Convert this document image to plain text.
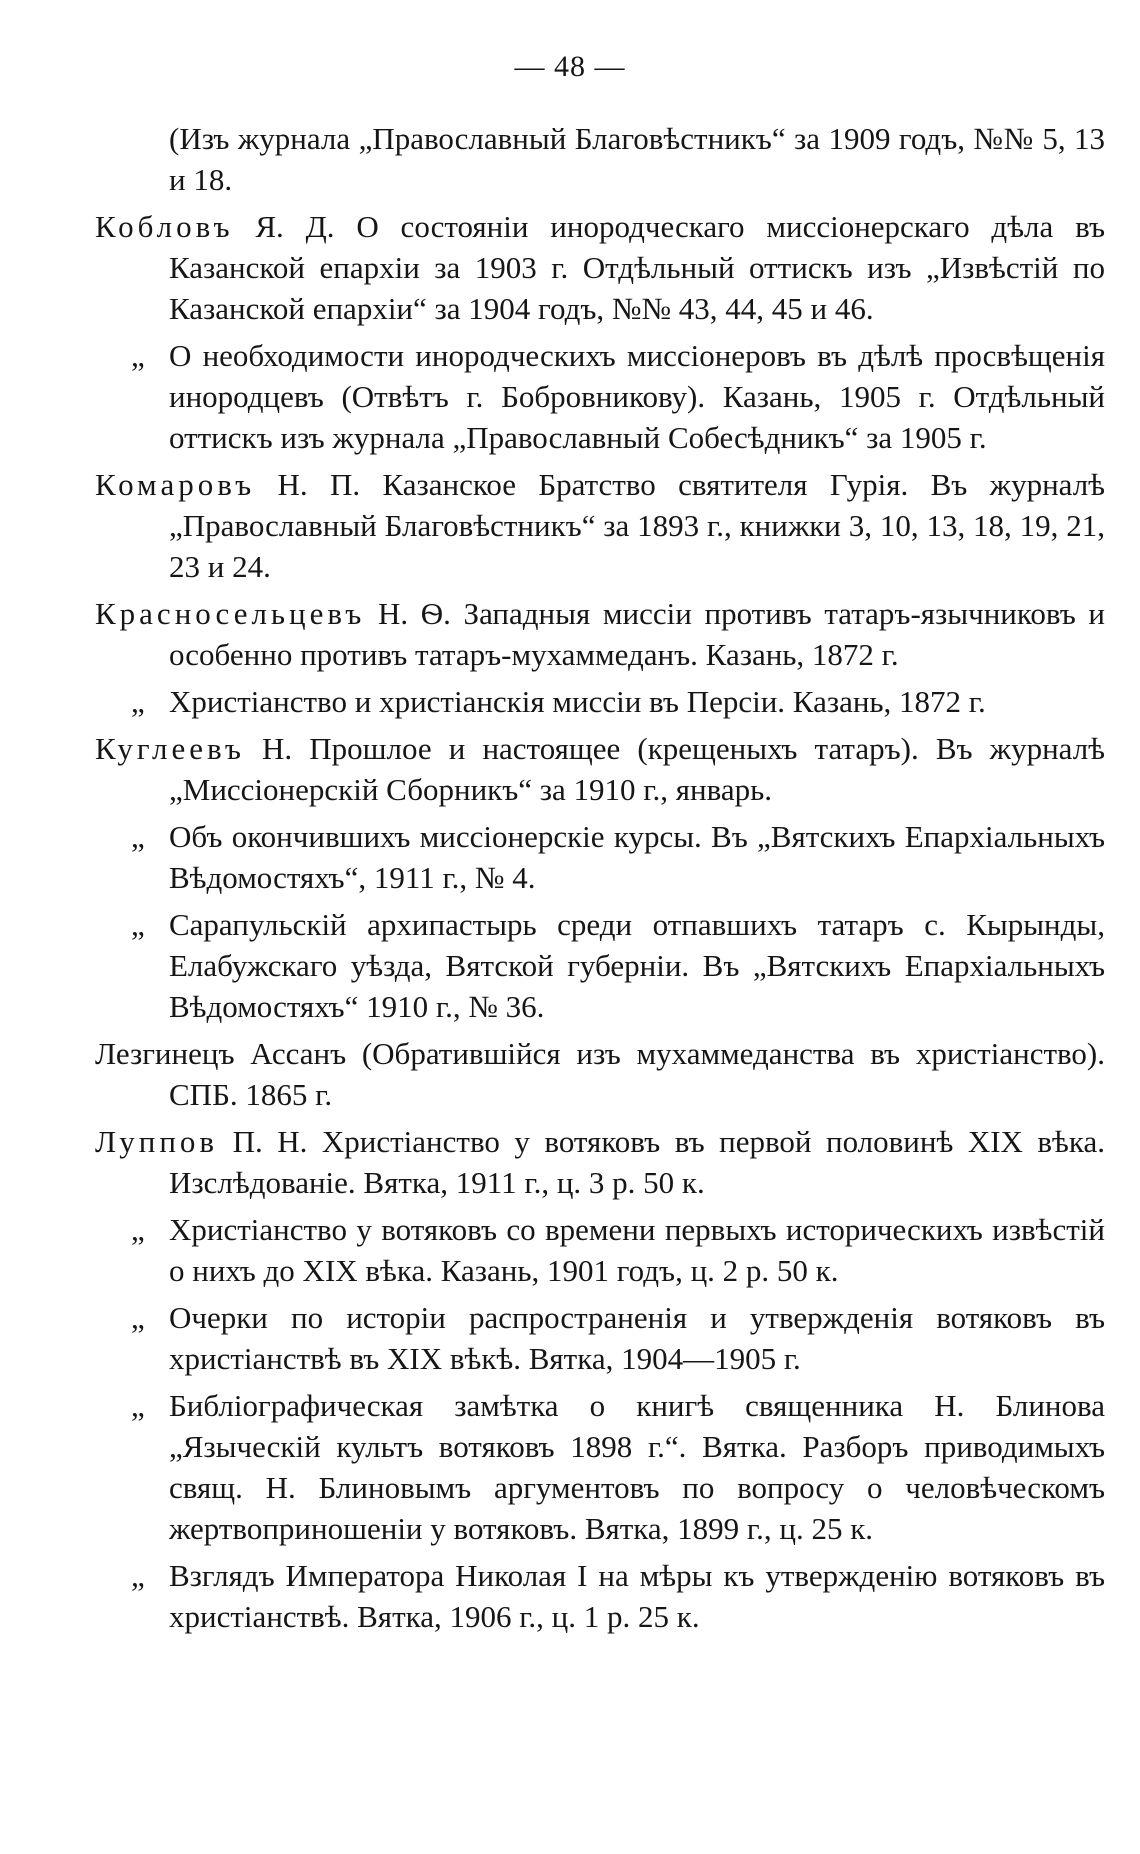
— 48 —
(Изъ журнала „Православный Благовѣстникъ“ за 1909 годъ, №№ 5, 13 и 18.
Кобловъ Я. Д. О состояніи инородческаго миссіонерскаго дѣла въ Казанской епархіи за 1903 г. Отдѣльный оттискъ изъ „Извѣстій по Казанской епархіи“ за 1904 годъ, №№ 43, 44, 45 и 46.
„ О необходимости инородческихъ миссіонеровъ въ дѣлѣ просвѣщенія инородцевъ (Отвѣтъ г. Бобровникову). Казань, 1905 г. Отдѣльный оттискъ изъ журнала „Православный Собесѣдникъ“ за 1905 г.
Комаровъ Н. П. Казанское Братство святителя Гурія. Въ журналѣ „Православный Благовѣстникъ“ за 1893 г., книжки 3, 10, 13, 18, 19, 21, 23 и 24.
Красносельцевъ Н. Ѳ. Западныя миссіи противъ татаръ-язычниковъ и особенно противъ татаръ-мухаммеданъ. Казань, 1872 г.
„ Христіанство и христіанскія миссіи въ Персіи. Казань, 1872 г.
Куглеевъ Н. Прошлое и настоящее (крещеныхъ татаръ). Въ журналѣ „Миссіонерскій Сборникъ“ за 1910 г., январь.
„ Объ окончившихъ миссіонерскіе курсы. Въ „Вятскихъ Епархіальныхъ Вѣдомостяхъ“, 1911 г., № 4.
„ Сарапульскій архипастырь среди отпавшихъ татаръ с. Кырынды, Елабужскаго уѣзда, Вятской губерніи. Въ „Вятскихъ Епархіальныхъ Вѣдомостяхъ“ 1910 г., № 36.
Лезгинецъ Ассанъ (Обратившійся изъ мухаммеданства въ христіанство). СПБ. 1865 г.
Луппов П. Н. Христіанство у вотяковъ въ первой половинѣ XIX вѣка. Изслѣдованіе. Вятка, 1911 г., ц. 3 р. 50 к.
„ Христіанство у вотяковъ со времени первыхъ историческихъ извѣстій о нихъ до XIX вѣка. Казань, 1901 годъ, ц. 2 р. 50 к.
„ Очерки по исторіи распространенія и утвержденія вотяковъ въ христіанствѣ въ XIX вѣкѣ. Вятка, 1904—1905 г.
„ Библіографическая замѣтка о книгѣ священника Н. Блинова „Языческій культъ вотяковъ 1898 г.“. Вятка. Разборъ приводимыхъ свящ. Н. Блиновымъ аргументовъ по вопросу о человѣческомъ жертвоприношеніи у вотяковъ. Вятка, 1899 г., ц. 25 к.
„ Взглядъ Императора Николая I на мѣры къ утвержденію вотяковъ въ христіанствѣ. Вятка, 1906 г., ц. 1 р. 25 к.
